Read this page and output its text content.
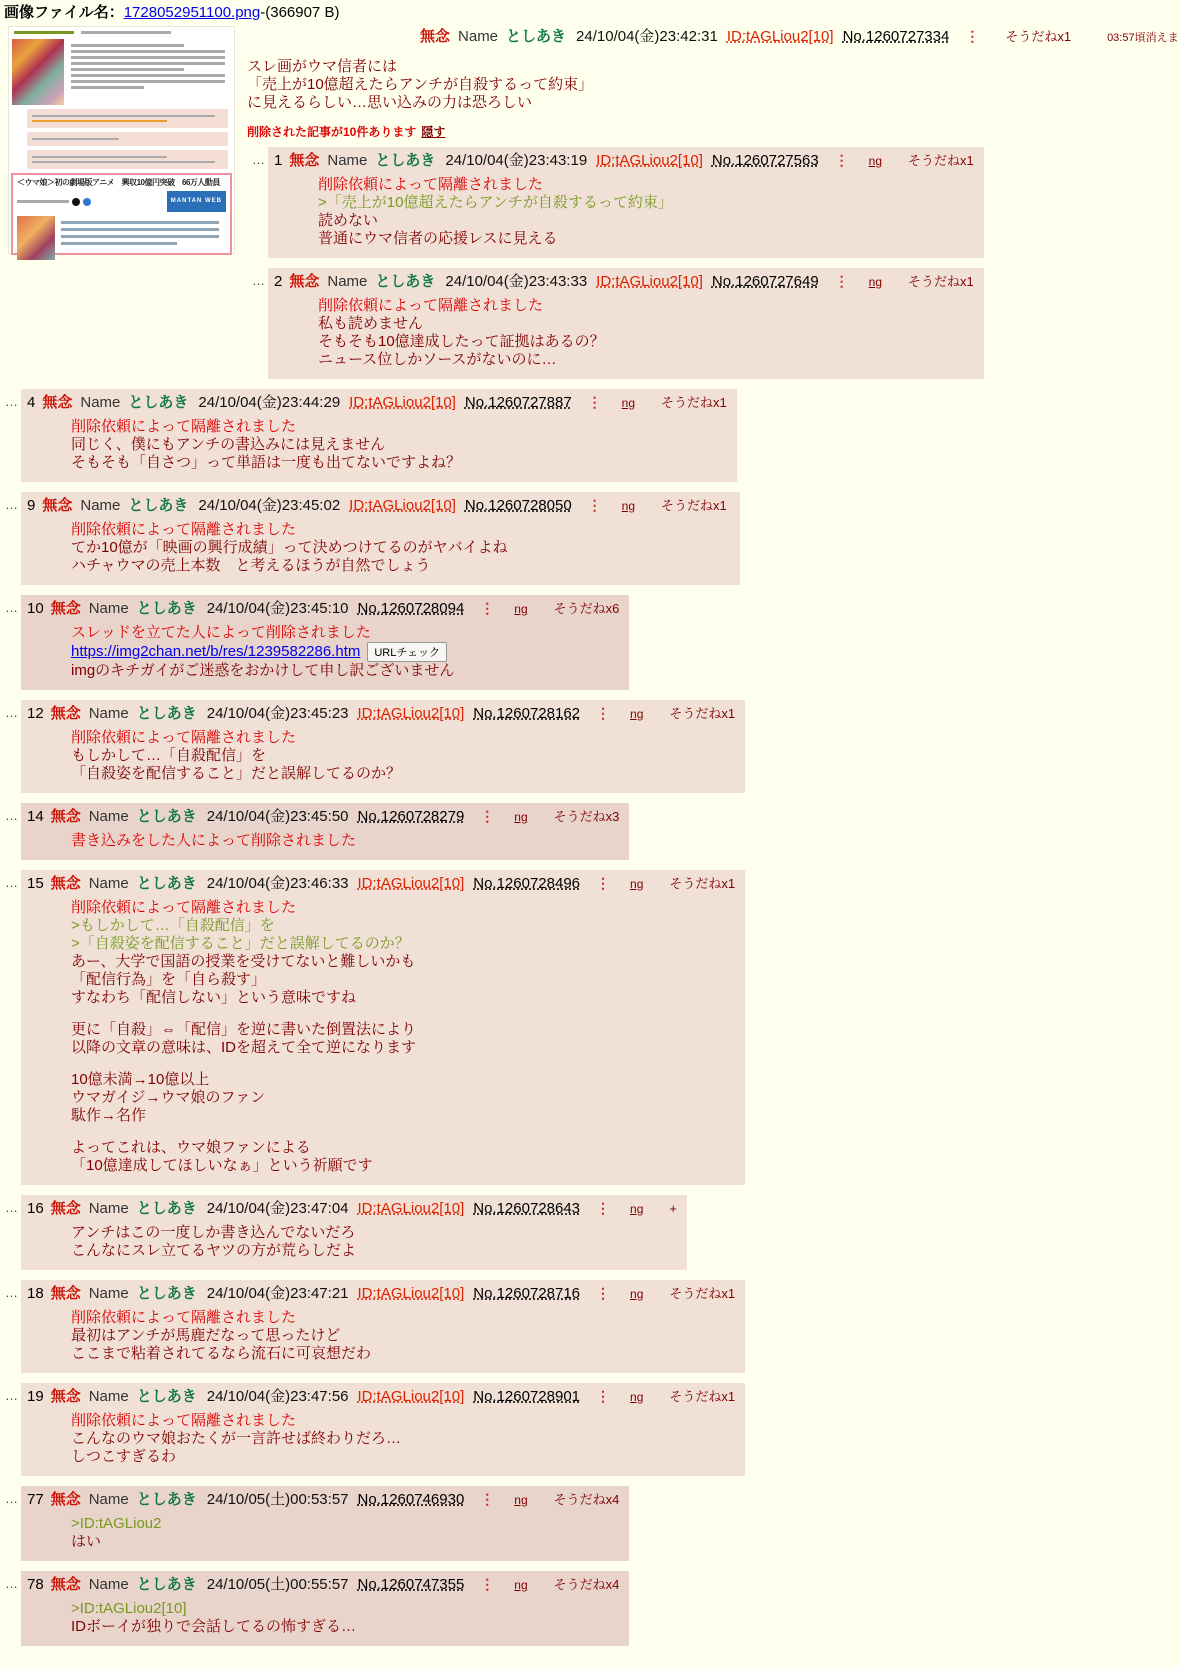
画像ファイル名：1728052951100.png-(366907 B)
＜ウマ娘＞初の劇場版アニメ　興収10億円突破　66万人動員
MANTAN WEB
無念 Name としあき 24/10/04(金)23:42:31 ID:tAGLiou2[10] No.1260727334 ⋮ そうだねx1	03:57頃消えま
スレ画がウマ信者には
「売上が10億超えたらアンチが自殺するって約束」
に見えるらしい…思い込みの力は恐ろしい
削除された記事が10件あります 隠す
… 1 無念 Name としあき 24/10/04(金)23:43:19 ID:tAGLiou2[10] No.1260727563 ⋮ ng そうだねx1
削除依頼によって隔離されました
>「売上が10億超えたらアンチが自殺するって約束」
読めない
普通にウマ信者の応援レスに見える
… 2 無念 Name としあき 24/10/04(金)23:43:33 ID:tAGLiou2[10] No.1260727649 ⋮ ng そうだねx1
削除依頼によって隔離されました
私も読めません
そもそも10億達成したって証拠はあるの？
ニュース位しかソースがないのに…
… 4 無念 Name としあき 24/10/04(金)23:44:29 ID:tAGLiou2[10] No.1260727887 ⋮ ng そうだねx1
削除依頼によって隔離されました
同じく、僕にもアンチの書込みには見えません
そもそも「自さつ」って単語は一度も出てないですよね？
… 9 無念 Name としあき 24/10/04(金)23:45:02 ID:tAGLiou2[10] No.1260728050 ⋮ ng そうだねx1
削除依頼によって隔離されました
てか10億が「映画の興行成績」って決めつけてるのがヤバイよね
ハチャウマの売上本数　と考えるほうが自然でしょう
… 10 無念 Name としあき 24/10/04(金)23:45:10 No.1260728094 ⋮ ng そうだねx6
スレッドを立てた人によって削除されました
https://img2chan.net/b/res/1239582286.htm URLチェック
imgのキチガイがご迷惑をおかけして申し訳ございません
… 12 無念 Name としあき 24/10/04(金)23:45:23 ID:tAGLiou2[10] No.1260728162 ⋮ ng そうだねx1
削除依頼によって隔離されました
もしかして…「自殺配信」を
「自殺姿を配信すること」だと誤解してるのか？
… 14 無念 Name としあき 24/10/04(金)23:45:50 No.1260728279 ⋮ ng そうだねx3
書き込みをした人によって削除されました
… 15 無念 Name としあき 24/10/04(金)23:46:33 ID:tAGLiou2[10] No.1260728496 ⋮ ng そうだねx1
削除依頼によって隔離されました
>もしかして…「自殺配信」を
>「自殺姿を配信すること」だと誤解してるのか？
あー、大学で国語の授業を受けてないと難しいかも
「配信行為」を「自ら殺す」
すなわち「配信しない」という意味ですね
更に「自殺」⇔「配信」を逆に書いた倒置法により
以降の文章の意味は、IDを超えて全て逆になります
10億未満→10億以上
ウマガイジ→ウマ娘のファン
駄作→名作
よってこれは、ウマ娘ファンによる
「10億達成してほしいなぁ」という祈願です
… 16 無念 Name としあき 24/10/04(金)23:47:04 ID:tAGLiou2[10] No.1260728643 ⋮ ng +
アンチはこの一度しか書き込んでないだろ
こんなにスレ立てるヤツの方が荒らしだよ
… 18 無念 Name としあき 24/10/04(金)23:47:21 ID:tAGLiou2[10] No.1260728716 ⋮ ng そうだねx1
削除依頼によって隔離されました
最初はアンチが馬鹿だなって思ったけど
ここまで粘着されてるなら流石に可哀想だわ
… 19 無念 Name としあき 24/10/04(金)23:47:56 ID:tAGLiou2[10] No.1260728901 ⋮ ng そうだねx1
削除依頼によって隔離されました
こんなのウマ娘おたくが一言許せば終わりだろ…
しつこすぎるわ
… 77 無念 Name としあき 24/10/05(土)00:53:57 No.1260746930 ⋮ ng そうだねx4
>ID:tAGLiou2
はい
… 78 無念 Name としあき 24/10/05(土)00:55:57 No.1260747355 ⋮ ng そうだねx4
>ID:tAGLiou2[10]
IDボーイが独りで会話してるの怖すぎる…
